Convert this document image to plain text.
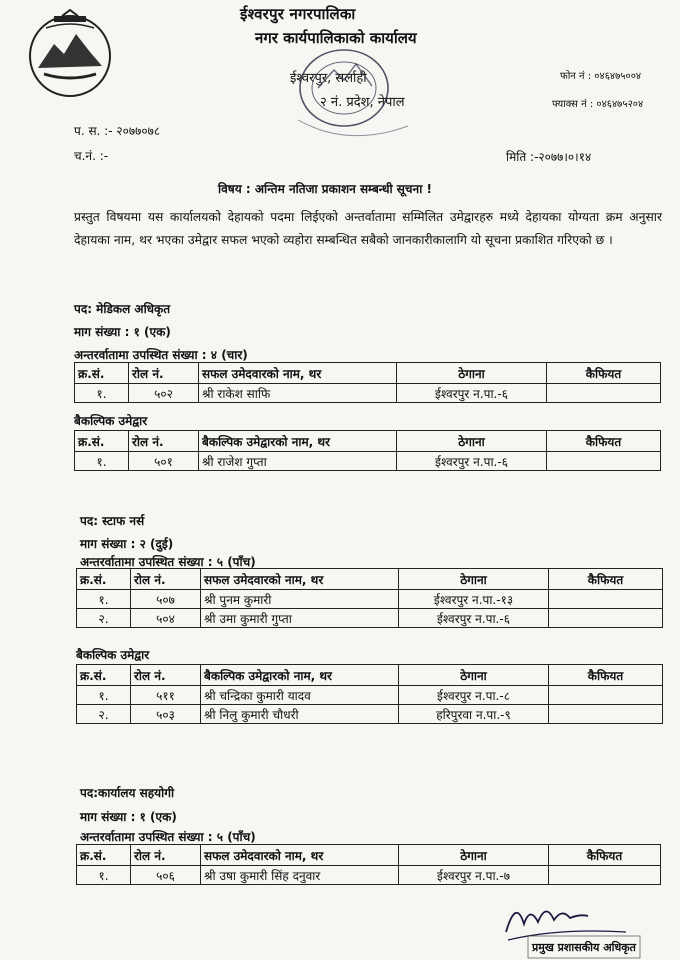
ईश्वरपुर नगरपालिका
नगर कार्यपालिकाको कार्यालय
ईश्वरपुर, सर्लाही
२ नं. प्रदेश, नेपाल
फोन नं : ०४६४७५००४
फ्याक्स नं : ०४६४७५२०४
प. स. :- २०७७०७८
च.नं. :-	मिति :-२०७७।०।१४
विषय : अन्तिम नतिजा प्रकाशन सम्बन्धी सूचना !
प्रस्तुत विषयमा यस कार्यालयको देहायको पदमा लिईएको अन्तर्वातामा सम्मिलित उमेद्वारहरु मध्ये देहायका योग्यता क्रम अनुसार देहायका नाम, थर भएका उमेद्वार सफल भएको व्यहोरा सम्बन्धित सबैको जानकारीकालागि यो सूचना प्रकाशित गरिएको छ ।
पद: मेडिकल अधिकृत
माग संख्या : १ (एक)
अन्तरर्वातामा उपस्थित संख्या : ४ (चार)
क्र.सं.	रोल नं.	सफल उमेदवारको नाम, थर	ठेगाना	कैफियत
१.	५०२	श्री राकेश साफि	ईश्वरपुर न.पा.-६	
बैकल्पिक उमेद्वार
क्र.सं.	रोल नं.	बैकल्पिक उमेद्वारको नाम, थर	ठेगाना	कैफियत
१.	५०१	श्री राजेश गुप्ता	ईश्वरपुर न.पा.-६	
पद: स्टाफ नर्स
माग संख्या : २ (दुई)
अन्तरर्वातामा उपस्थित संख्या : ५ (पाँच)
क्र.सं.	रोल नं.	सफल उमेदवारको नाम, थर	ठेगाना	कैफियत
१.	५०७	श्री पुनम कुमारी	ईश्वरपुर न.पा.-१३	
२.	५०४	श्री उमा कुमारी गुप्ता	ईश्वरपुर न.पा.-६	
बैकल्पिक उमेद्वार
क्र.सं.	रोल नं.	बैकल्पिक उमेद्वारको नाम, थर	ठेगाना	कैफियत
१.	५११	श्री चन्द्रिका कुमारी यादव	ईश्वरपुर न.पा.-८	
२.	५०३	श्री निलु कुमारी चौधरी	हरिपुरवा न.पा.-९	
पद:कार्यालय सहयोगी
माग संख्या : १ (एक)
अन्तरर्वातामा उपस्थित संख्या : ५ (पाँच)
क्र.सं.	रोल नं.	सफल उमेदवारको नाम, थर	ठेगाना	कैफियत
१.	५०६	श्री उषा कुमारी सिंह दनुवार	ईश्वरपुर न.पा.-७	
प्रमुख प्रशासकीय अधिकृत
